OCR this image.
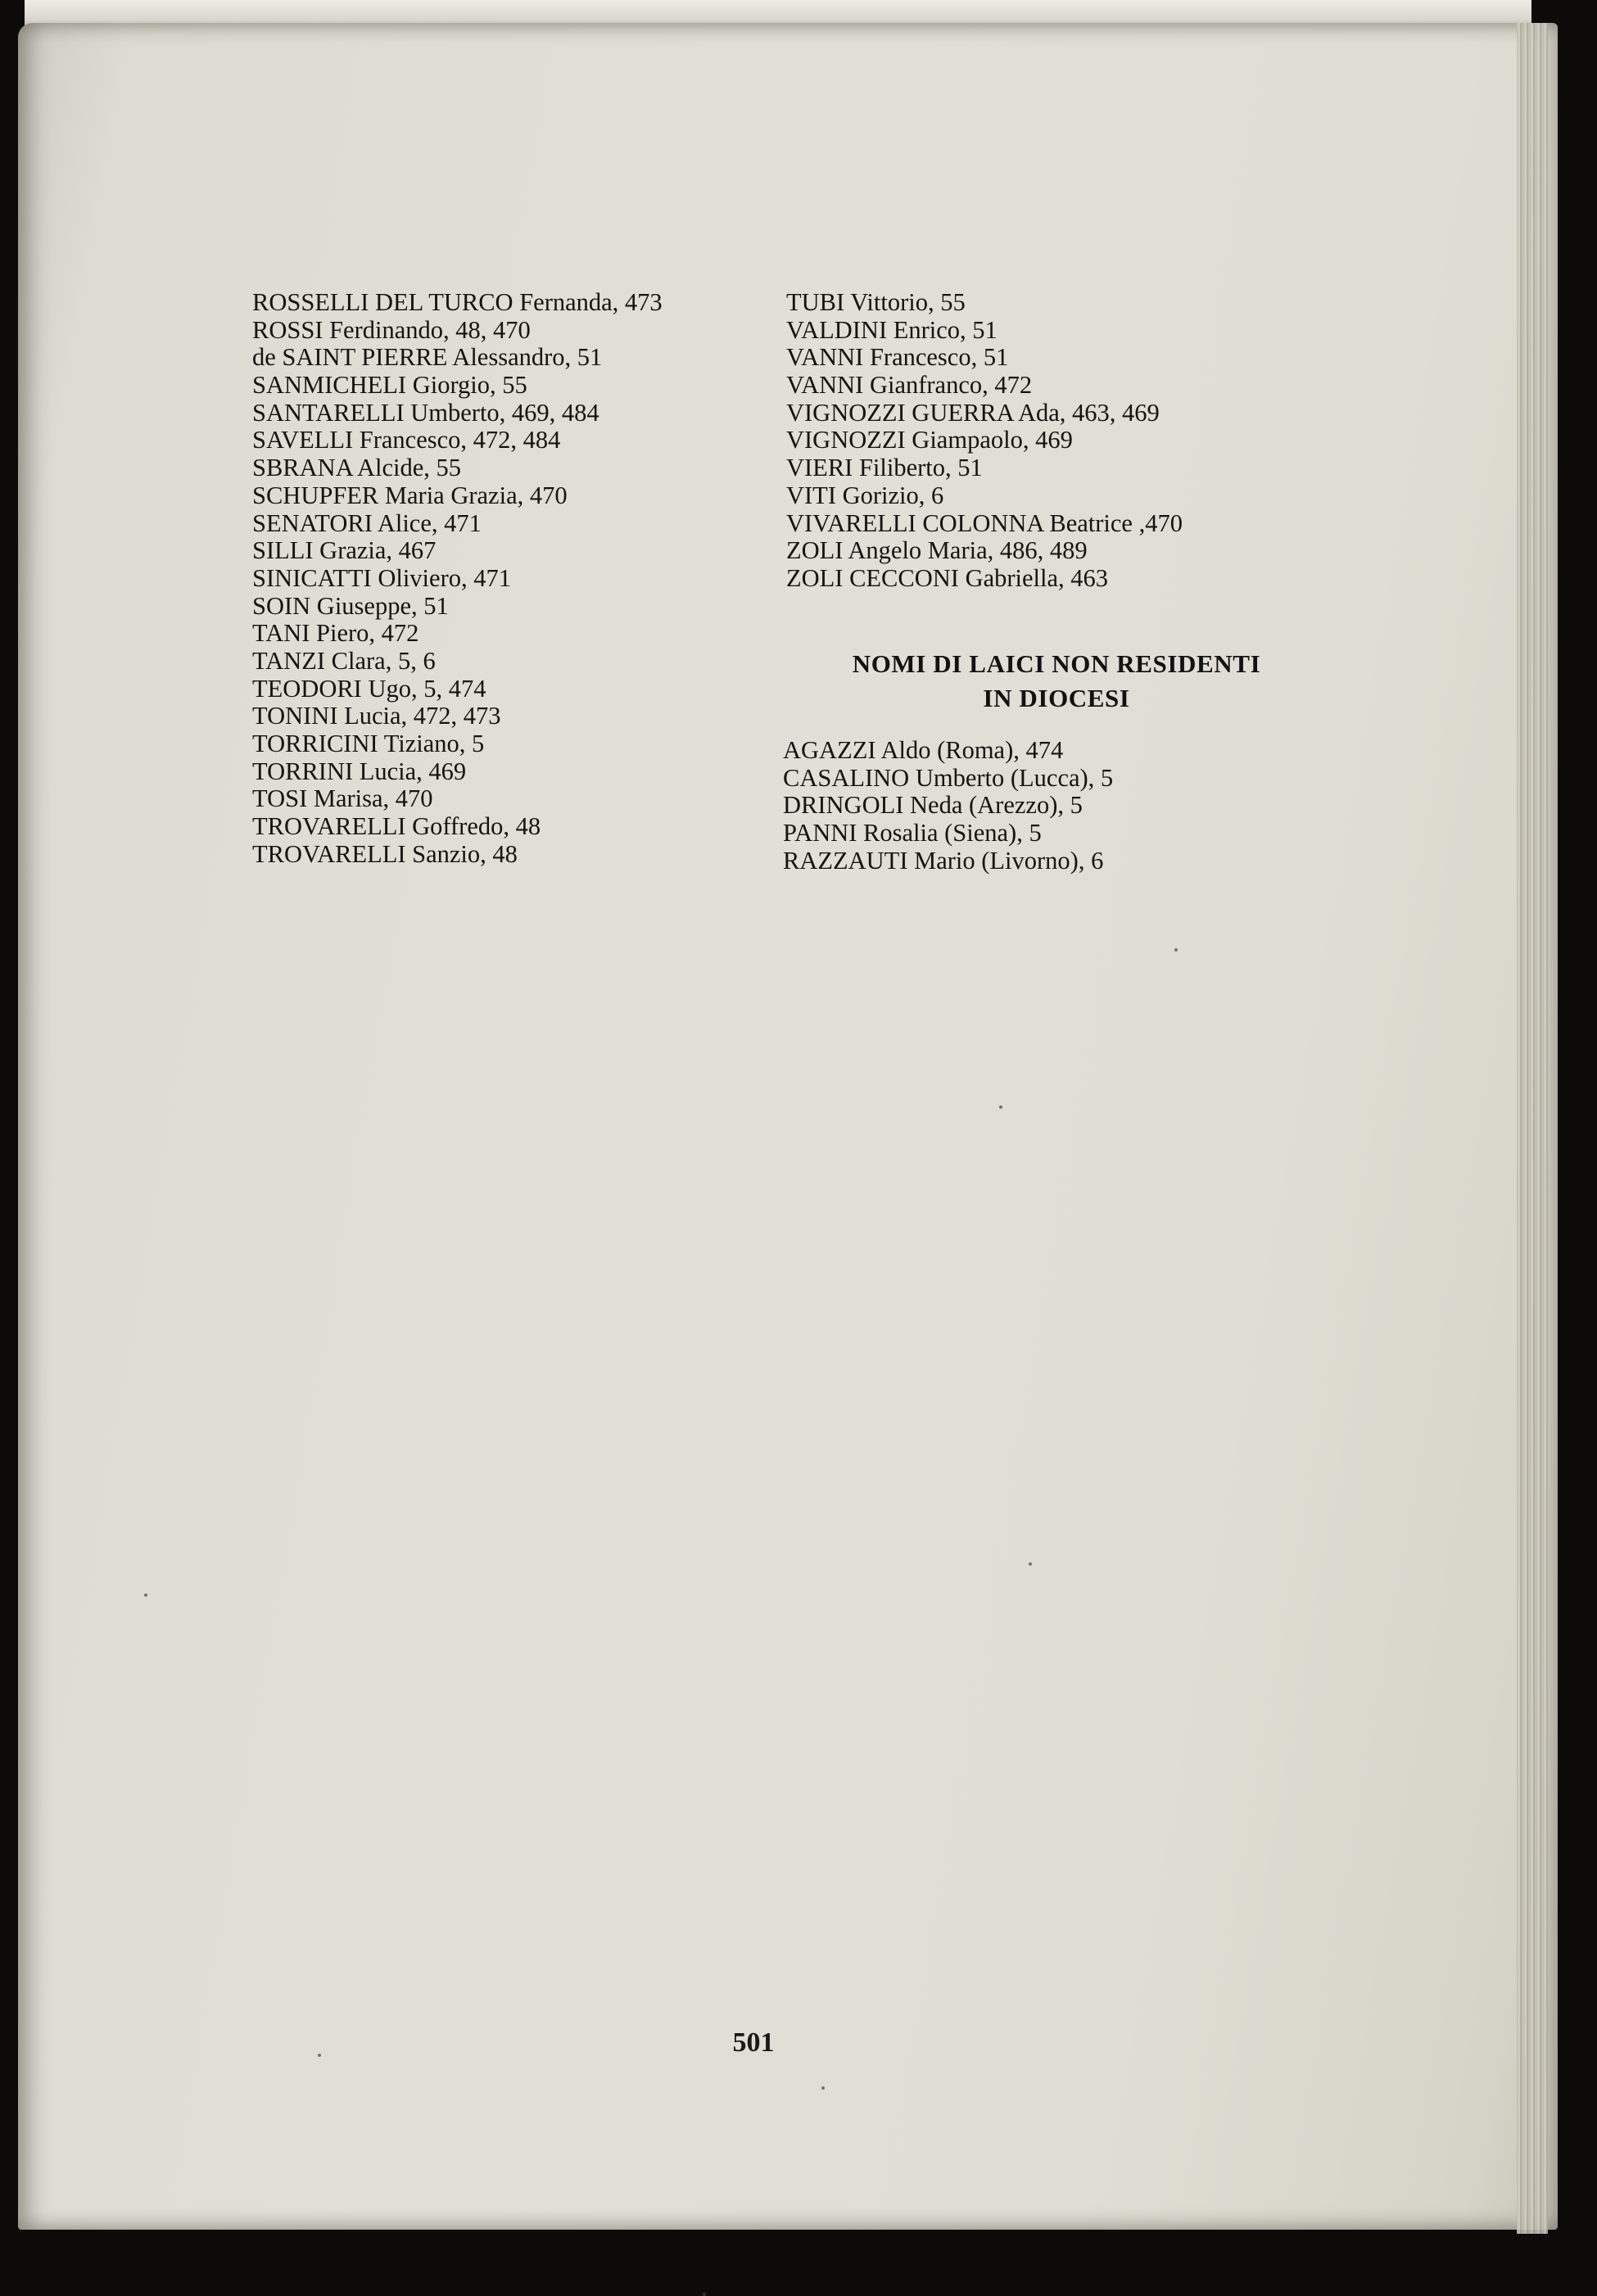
ROSSELLI DEL TURCO Fernanda, 473
ROSSI Ferdinando, 48, 470
de SAINT PIERRE Alessandro, 51
SANMICHELI Giorgio, 55
SANTARELLI Umberto, 469, 484
SAVELLI Francesco, 472, 484
SBRANA Alcide, 55
SCHUPFER Maria Grazia, 470
SENATORI Alice, 471
SILLI Grazia, 467
SINICATTI Oliviero, 471
SOIN Giuseppe, 51
TANI Piero, 472
TANZI Clara, 5, 6
TEODORI Ugo, 5, 474
TONINI Lucia, 472, 473
TORRICINI Tiziano, 5
TORRINI Lucia, 469
TOSI Marisa, 470
TROVARELLI Goffredo, 48
TROVARELLI Sanzio, 48
TUBI Vittorio, 55
VALDINI Enrico, 51
VANNI Francesco, 51
VANNI Gianfranco, 472
VIGNOZZI GUERRA Ada, 463, 469
VIGNOZZI Giampaolo, 469
VIERI Filiberto, 51
VITI Gorizio, 6
VIVARELLI COLONNA Beatrice ,470
ZOLI Angelo Maria, 486, 489
ZOLI CECCONI Gabriella, 463
NOMI DI LAICI NON RESIDENTI
IN DIOCESI
AGAZZI Aldo (Roma), 474
CASALINO Umberto (Lucca), 5
DRINGOLI Neda (Arezzo), 5
PANNI Rosalia (Siena), 5
RAZZAUTI Mario (Livorno), 6
501
